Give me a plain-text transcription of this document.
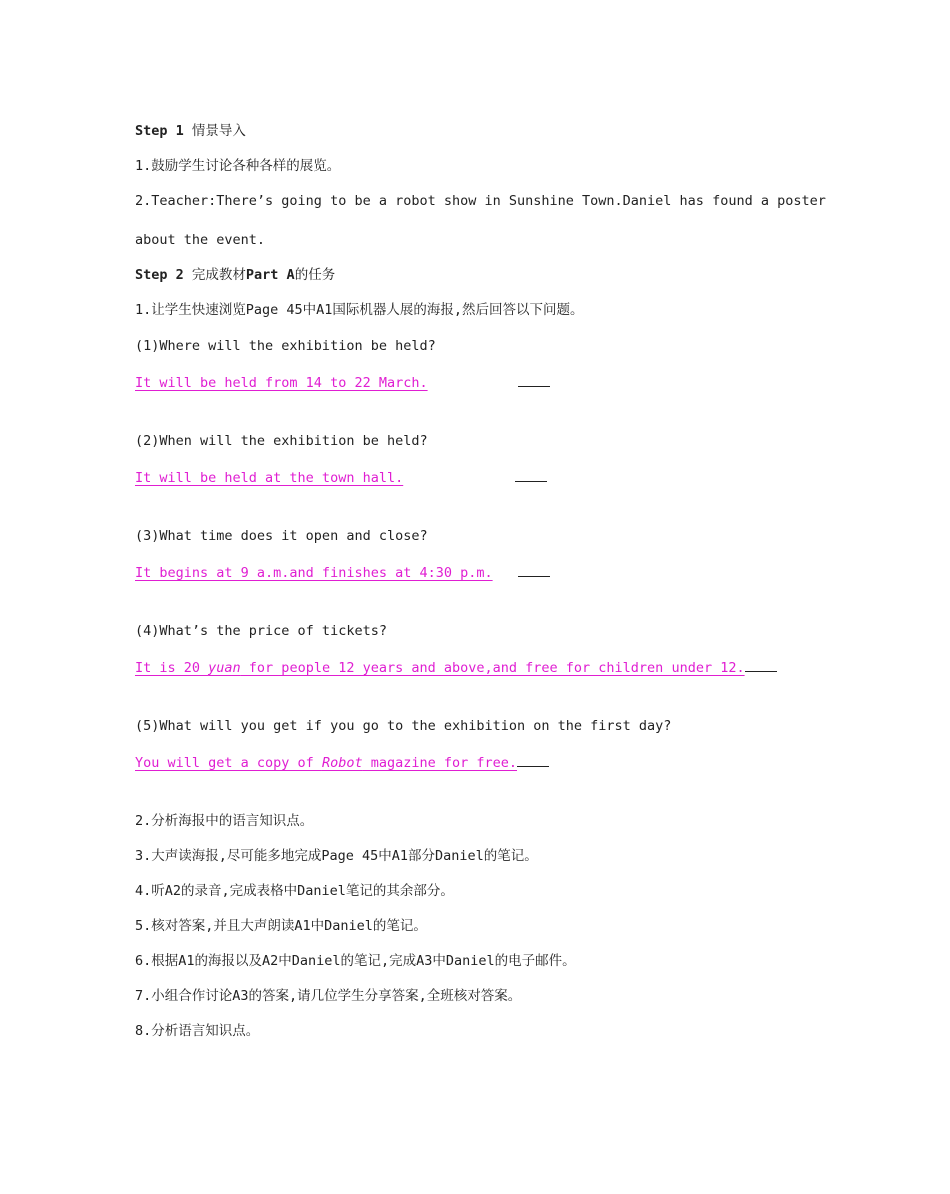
Step 1 情景导入
1.鼓励学生讨论各种各样的展览。
2.Teacher:There’s going to be a robot show in Sunshine Town.Daniel has found a poster
about the event.
Step 2 完成教材Part A的任务
1.让学生快速浏览Page 45中A1国际机器人展的海报,然后回答以下问题。
(1)Where will the exhibition be held?
It will be held from 14 to 22 March.
(2)When will the exhibition be held?
It will be held at the town hall.
(3)What time does it open and close?
It begins at 9 a.m.and finishes at 4:30 p.m.
(4)What’s the price of tickets?
It is 20 yuan for people 12 years and above,and free for children under 12.
(5)What will you get if you go to the exhibition on the first day?
You will get a copy of Robot magazine for free.
2.分析海报中的语言知识点。
3.大声读海报,尽可能多地完成Page 45中A1部分Daniel的笔记。
4.听A2的录音,完成表格中Daniel笔记的其余部分。
5.核对答案,并且大声朗读A1中Daniel的笔记。
6.根据A1的海报以及A2中Daniel的笔记,完成A3中Daniel的电子邮件。
7.小组合作讨论A3的答案,请几位学生分享答案,全班核对答案。
8.分析语言知识点。
